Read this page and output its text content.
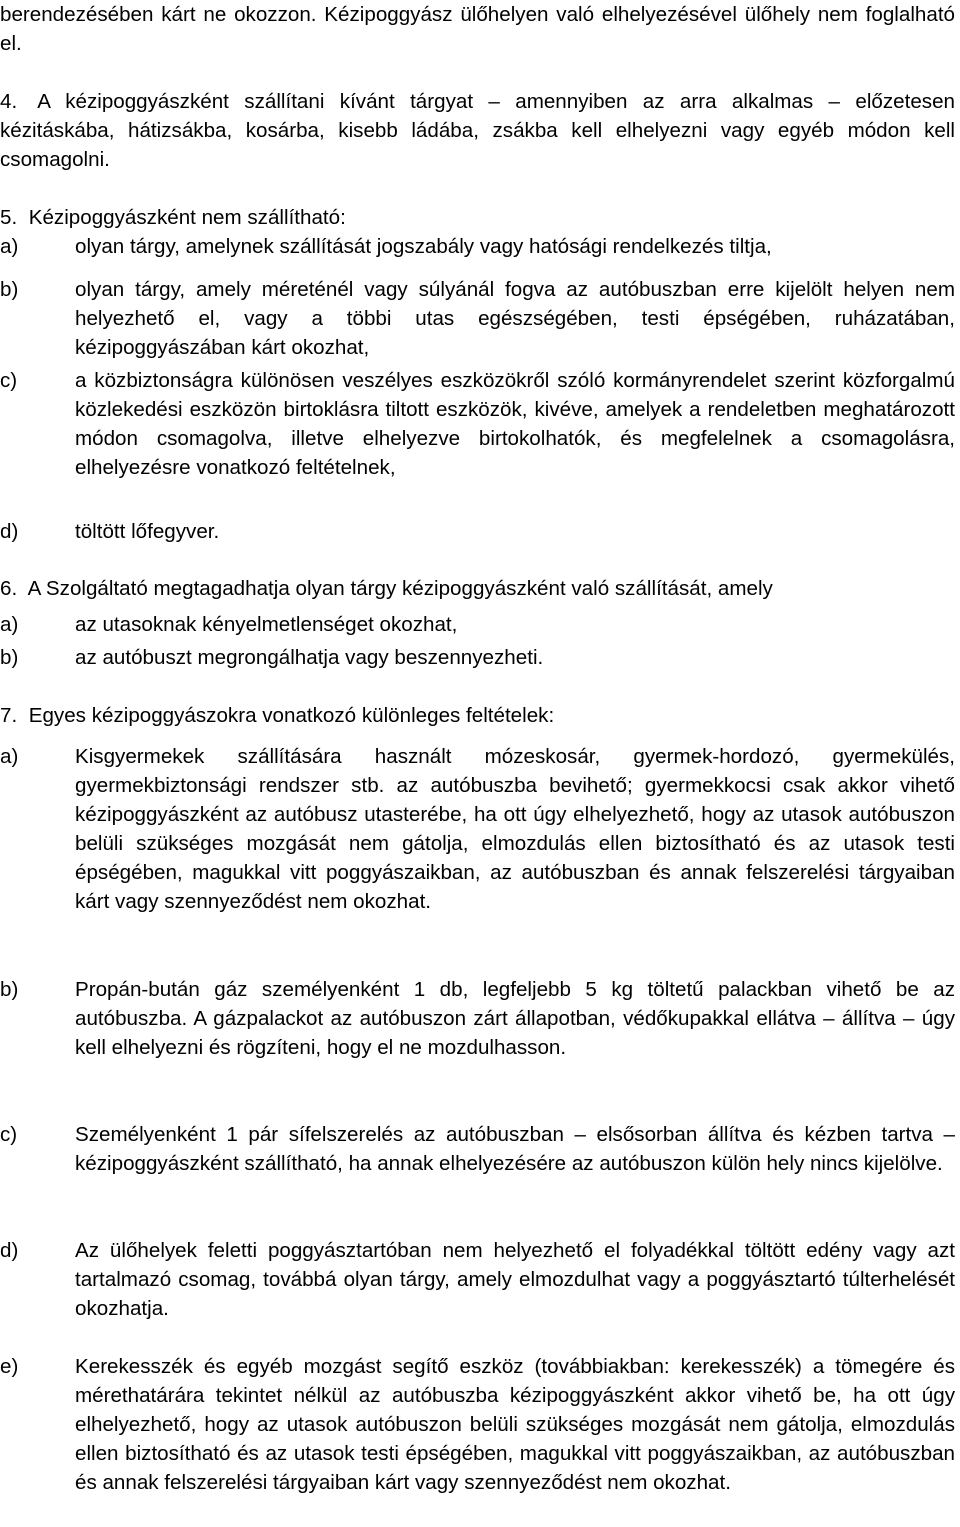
berendezésében kárt ne okozzon. Kézipoggyász ülőhelyen való elhelyezésével ülőhely nem foglalható el.

4. A kézipoggyászként szállítani kívánt tárgyat – amennyiben az arra alkalmas – előzetesen kézitáskába, hátizsákba, kosárba, kisebb ládába, zsákba kell elhelyezni vagy egyéb módon kell csomagolni.

5. Kézipoggyászként nem szállítható:

a)	olyan tárgy, amelynek szállítását jogszabály vagy hatósági rendelkezés tiltja,
b)	olyan tárgy, amely méreténél vagy súlyánál fogva az autóbuszban erre kijelölt helyen nem helyezhető el, vagy a többi utas egészségében, testi épségében, ruházatában, kézipoggyászában kárt okozhat,
c)	a közbiztonságra különösen veszélyes eszközökről szóló kormányrendelet szerint közforgalmú közlekedési eszközön birtoklásra tiltott eszközök, kivéve, amelyek a rendeletben meghatározott módon csomagolva, illetve elhelyezve birtokolhatók, és megfelelnek a csomagolásra, elhelyezésre vonatkozó feltételnek,
d)	töltött lőfegyver.

6. A Szolgáltató megtagadhatja olyan tárgy kézipoggyászként való szállítását, amely

a)	az utasoknak kényelmetlenséget okozhat,
b)	az autóbuszt megrongálhatja vagy beszennyezheti.

7. Egyes kézipoggyászokra vonatkozó különleges feltételek:

a)	Kisgyermekek szállítására használt mózeskosár, gyermek-hordozó, gyermekülés, gyermekbiztonsági rendszer stb. az autóbuszba bevihető; gyermekkocsi csak akkor vihető kézipoggyászként az autóbusz utasterébe, ha ott úgy elhelyezhető, hogy az utasok autóbuszon belüli szükséges mozgását nem gátolja, elmozdulás ellen biztosítható és az utasok testi épségében, magukkal vitt poggyászaikban, az autóbuszban és annak felszerelési tárgyaiban kárt vagy szennyeződést nem okozhat.
b)	Propán-bután gáz személyenként 1 db, legfeljebb 5 kg töltetű palackban vihető be az autóbuszba. A gázpalackot az autóbuszon zárt állapotban, védőkupakkal ellátva – állítva – úgy kell elhelyezni és rögzíteni, hogy el ne mozdulhasson.
c)	Személyenként 1 pár sífelszerelés az autóbuszban – elsősorban állítva és kézben tartva – kézipoggyászként szállítható, ha annak elhelyezésére az autóbuszon külön hely nincs kijelölve.
d)	Az ülőhelyek feletti poggyásztartóban nem helyezhető el folyadékkal töltött edény vagy azt tartalmazó csomag, továbbá olyan tárgy, amely elmozdulhat vagy a poggyásztartó túlterhelését okozhatja.
e)	Kerekesszék és egyéb mozgást segítő eszköz (továbbiakban: kerekesszék) a tömegére és mérethatárára tekintet nélkül az autóbuszba kézipoggyászként akkor vihető be, ha ott úgy elhelyezhető, hogy az utasok autóbuszon belüli szükséges mozgását nem gátolja, elmozdulás ellen biztosítható és az utasok testi épségében, magukkal vitt poggyászaikban, az autóbuszban és annak felszerelési tárgyaiban kárt vagy szennyeződést nem okozhat.
